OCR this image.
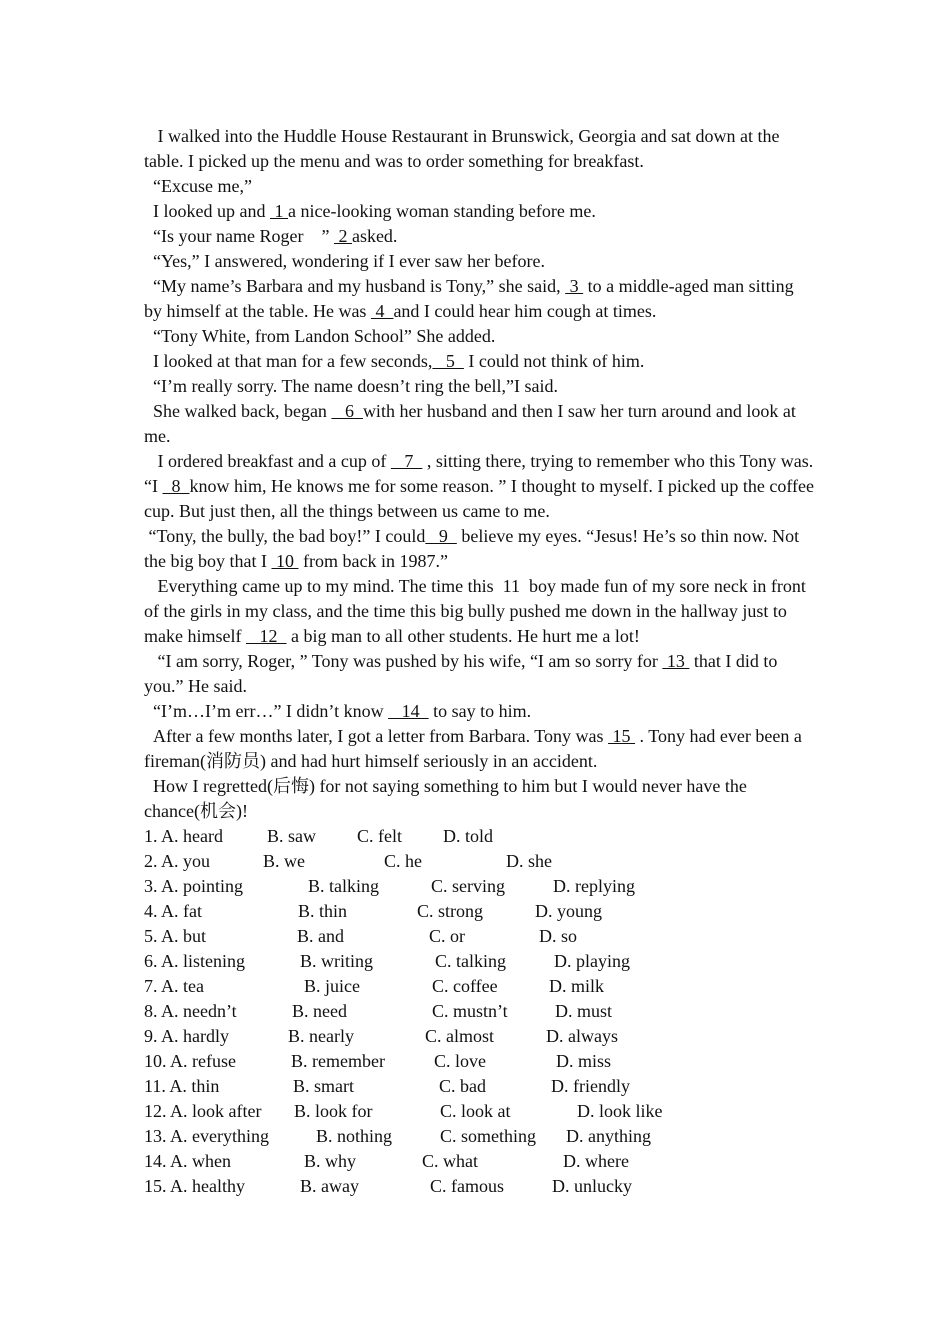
I walked into the Huddle House Restaurant in Brunswick, Georgia and sat down at the table. I picked up the menu and was to order something for breakfast.

“Excuse me,”

I looked up and  1 a nice-looking woman standing before me.

“Is your name Roger    ”  2 asked.

“Yes,” I answered, wondering if I ever saw her before.

“My name’s Barbara and my husband is Tony,” she said,  3  to a middle-aged man sitting by himself at the table. He was  4  and I could hear him cough at times.

“Tony White, from Landon School” She added.

I looked at that man for a few seconds,   5   I could not think of him.

“I’m really sorry. The name doesn’t ring the bell,”I said.

She walked back, began    6  with her husband and then I saw her turn around and look at me.

I ordered breakfast and a cup of    7   , sitting there, trying to remember who this Tony was. “I   8  know him, He knows me for some reason. ” I thought to myself. I picked up the coffee cup. But just then, all the things between us came to me.

“Tony, the bully, the bad boy!” I could   9   believe my eyes. “Jesus! He’s so thin now. Not the big boy that I  10  from back in 1987.”

Everything came up to my mind. The time this  11  boy made fun of my sore neck in front of the girls in my class, and the time this big bully pushed me down in the hallway just to make himself    12   a big man to all other students. He hurt me a lot!

“I am sorry, Roger, ” Tony was pushed by his wife, “I am so sorry for  13  that I did to you.” He said.

“I’m…I’m err…” I didn’t know    14   to say to him.

After a few months later, I got a letter from Barbara. Tony was  15  . Tony had ever been a fireman(消防员) and had hurt himself seriously in an accident.

How I regretted(后悔) for not saying something to him but I would never have the chance(机会)!

1. A. heard B. saw C. felt D. told
2. A. you	B. we	C. he	D. she
3. A. pointing	B. talking	C. serving	D. replying
4. A. fat	B. thin	C. strong	D. young
5. A. but	B. and	C. or	D. so
6. A. listening	B. writing	C. talking	D. playing
7. A. tea	B. juice	C. coffee	D. milk
8. A. needn’t	B. need	C. mustn’t	D. must
9. A. hardly	B. nearly	C. almost	D. always
10. A. refuse	B. remember	C. love	D. miss
11. A. thin	B. smart	C. bad	D. friendly
12. A. look after B. look for	C. look at	D. look like
13. A. everything	B. nothing	C. something D. anything
14. A. when	B. why	C. what	D. where
15. A. healthy	B. away	C. famous	D. unlucky
